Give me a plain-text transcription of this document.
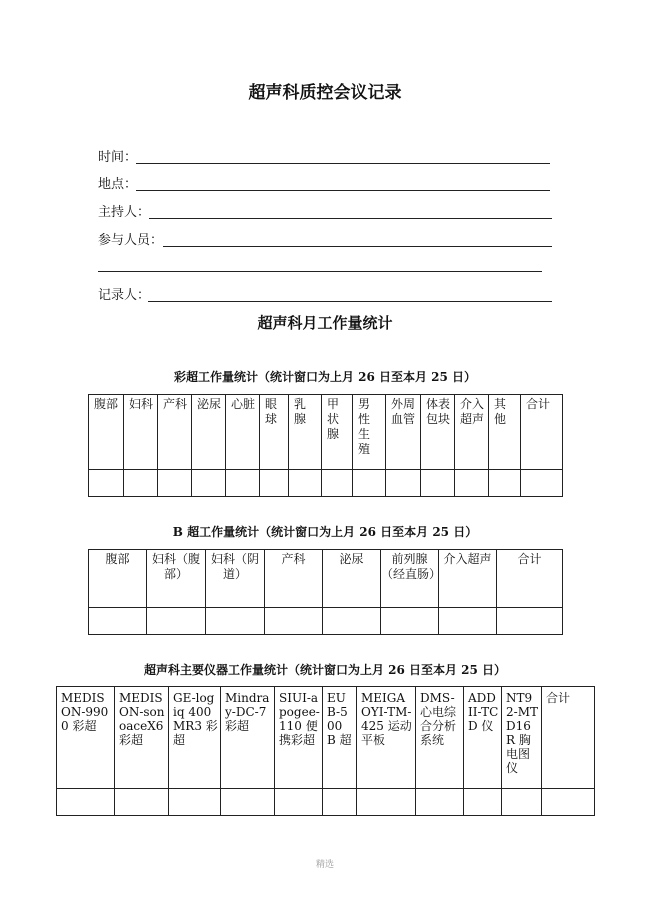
超声科质控会议记录
时间：
地点：
主持人：
参与人员：
记录人：
超声科月工作量统计
彩超工作量统计（统计窗口为上月 26 日至本月 25 日）
腹部	妇科	产科	泌尿	心脏	眼球	乳腺	甲状腺	男性生殖	外周血管	体表包块	介入超声	其他	合计

B 超工作量统计（统计窗口为上月 26 日至本月 25 日）
腹部	妇科（腹部）	妇科（阴道）	产科	泌尿	前列腺（经直肠）	介入超声	合计

超声科主要仪器工作量统计（统计窗口为上月 26 日至本月 25 日）
MEDISON-9900 彩超	MEDISON-sonoaceX6 彩超	GE-logiq 400MR3 彩超	Mindray-DC-7 彩超	SIUI-apogee-110 便携彩超	EUB-500 B 超	MEIGAOYI-TM-425 运动平板	DMS-心电综合分析系统	ADDII-TCD 仪	NT92-MTD16R 胸电图仪	合计

精选
